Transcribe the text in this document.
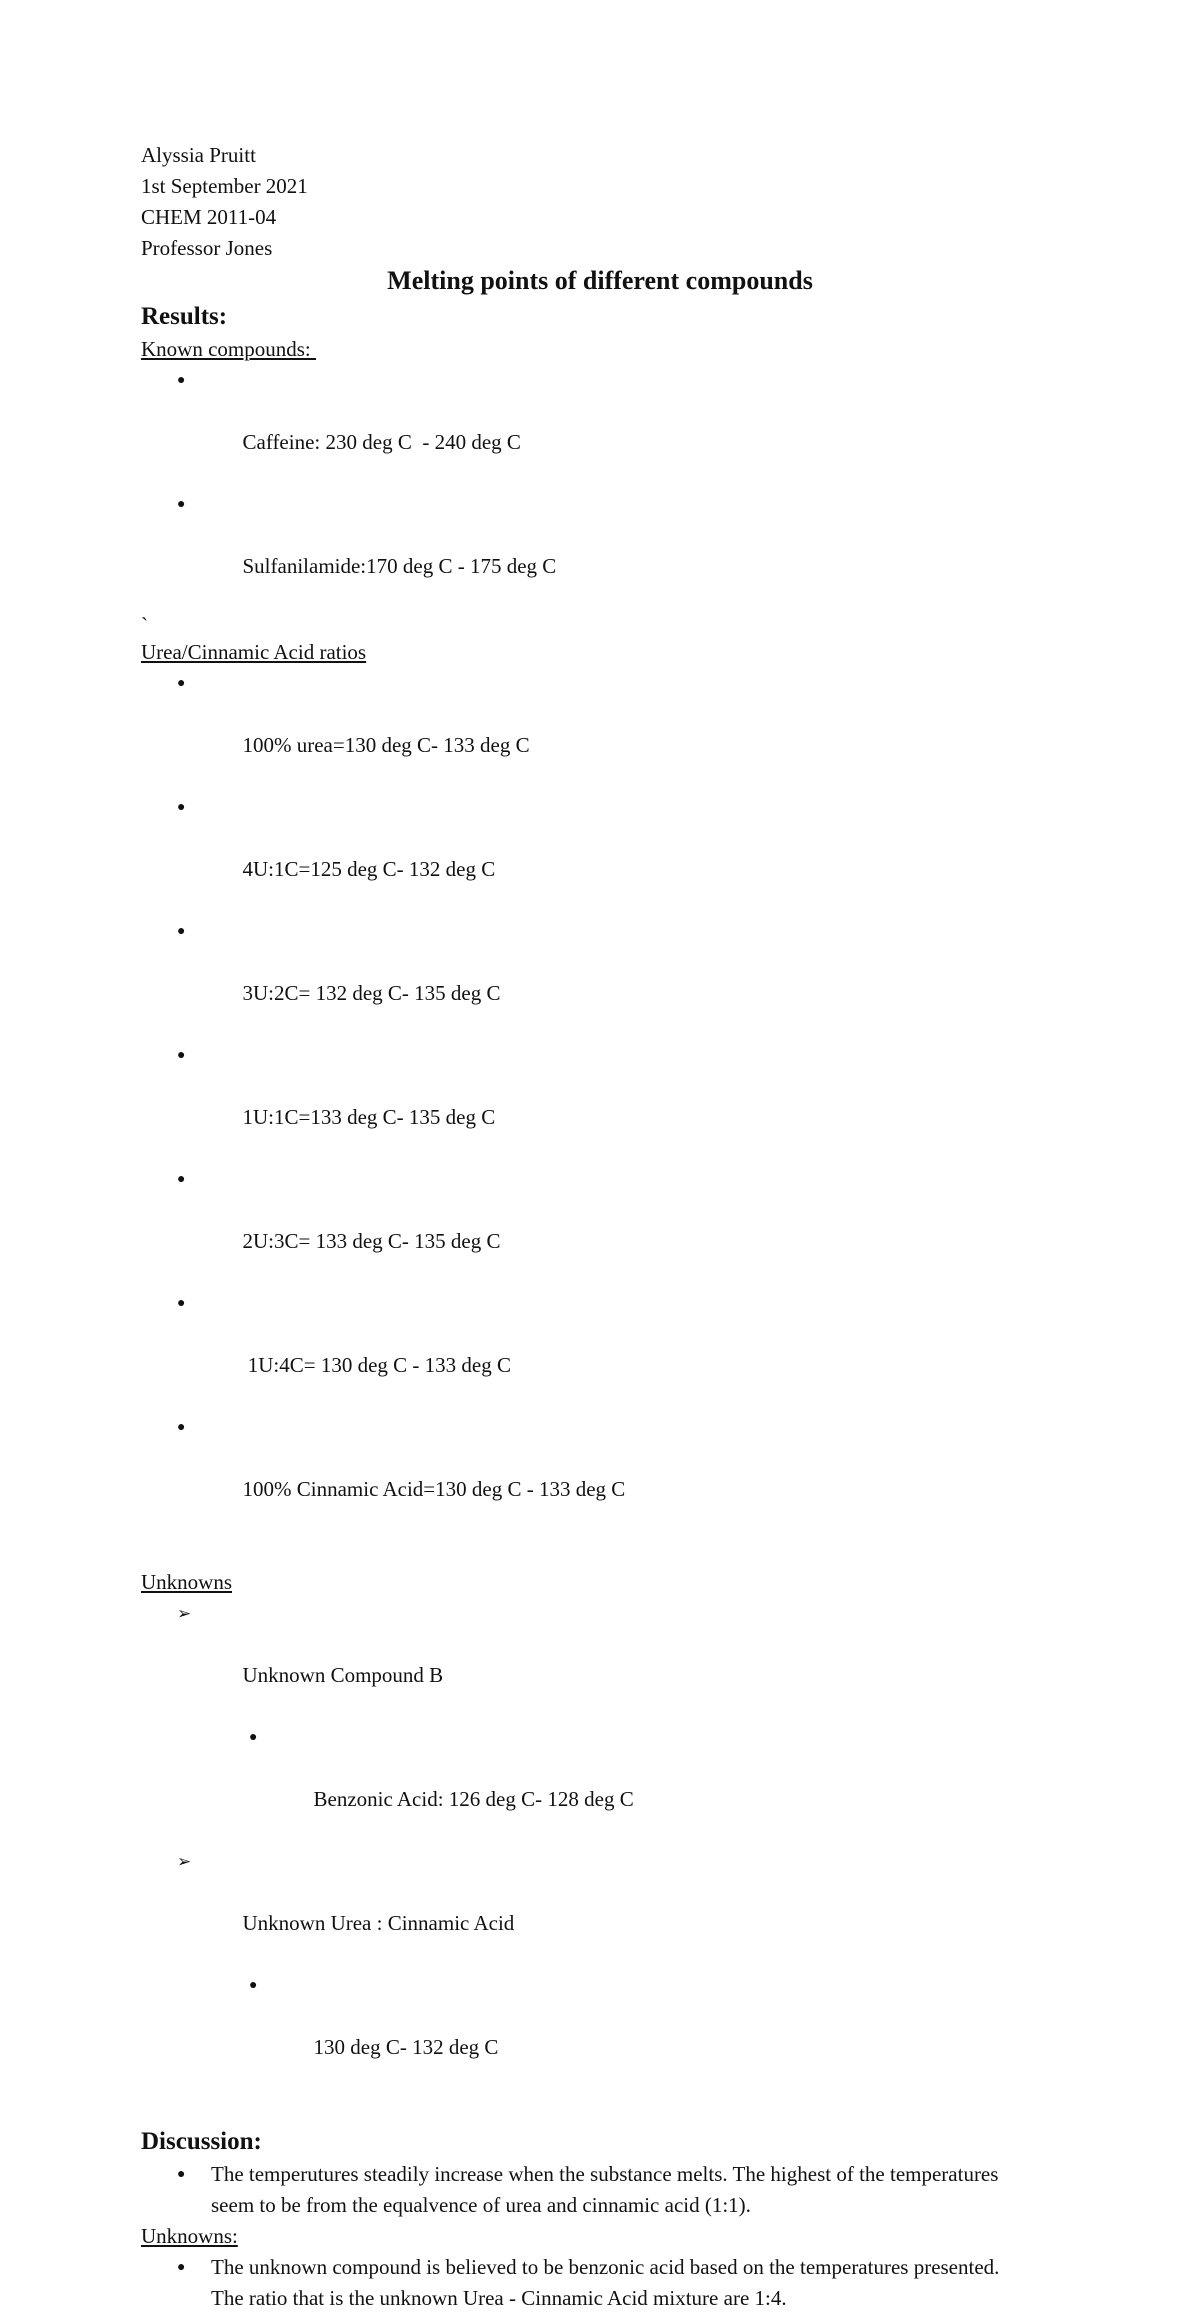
Alyssia Pruitt
1st September 2021
CHEM 2011-04
Professor Jones
Melting points of different compounds
Results:
Known compounds:

●

Caffeine: 230 deg C  - 240 deg C

●

Sulfanilamide:170 deg C - 175 deg C

`
Urea/Cinnamic Acid ratios

●

100% urea=130 deg C- 133 deg C

●

4U:1C=125 deg C- 132 deg C

●

3U:2C= 132 deg C- 135 deg C

●

1U:1C=133 deg C- 135 deg C

●

2U:3C= 133 deg C- 135 deg C

●

1U:4C= 130 deg C - 133 deg C

●

100% Cinnamic Acid=130 deg C - 133 deg C

Unknowns

➢

Unknown Compound B

●

Benzonic Acid: 126 deg C- 128 deg C

➢

Unknown Urea : Cinnamic Acid

●

130 deg C- 132 deg C

Discussion:
● The temperutures steadily increase when the substance melts. The highest of the temperatures seem to be from the equalvence of urea and cinnamic acid (1:1).
Unknowns:
● The unknown compound is believed to be benzonic acid based on the temperatures presented. The ratio that is the unknown Urea - Cinnamic Acid mixture are 1:4.
